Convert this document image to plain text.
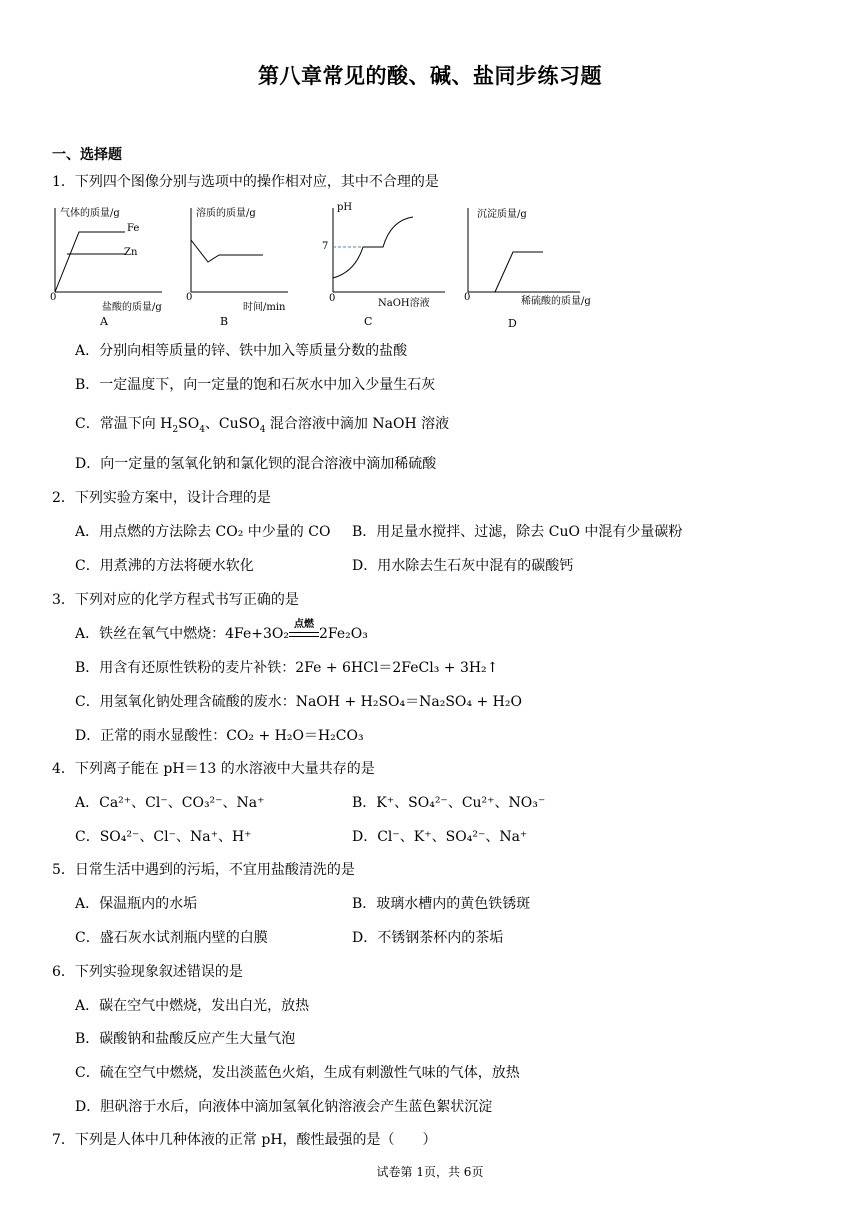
第八章常见的酸、碱、盐同步练习题
一、选择题
1．下列四个图像分别与选项中的操作相对应，其中不合理的是
气体的质量/g
Fe
Zn
0
盐酸的质量/g
A
溶质的质量/g
0
时间/min
B
pH
7
0	NaOH溶液
C
沉淀质量/g
0	稀硫酸的质量/g
D
A．分别向相等质量的锌、铁中加入等质量分数的盐酸
B．一定温度下，向一定量的饱和石灰水中加入少量生石灰
C．常温下向 $H_2SO_4$、CuSO$_4$ 混合溶液中滴加 NaOH 溶液
D．向一定量的氢氧化钠和氯化钡的混合溶液中滴加稀硫酸
2．下列实验方案中，设计合理的是
A．用点燃的方法除去 CO₂ 中少量的 CO B．用足量水搅拌、过滤，除去 CuO 中混有少量碳粉
C．用煮沸的方法将硬水软化	D．用水除去生石灰中混有的碳酸钙
3．下列对应的化学方程式书写正确的是
A．铁丝在氧气中燃烧：4Fe+3O₂
点燃
2Fe₂O₃
B．用含有还原性铁粉的麦片补铁：2Fe + 6HCl＝2FeCl₃ + 3H₂↑
C．用氢氧化钠处理含硫酸的废水：NaOH + H₂SO₄＝Na₂SO₄ + H₂O
D．正常的雨水显酸性：CO₂ + H₂O＝H₂CO₃
4．下列离子能在 pH＝13 的水溶液中大量共存的是
A．Ca²⁺、Cl⁻、CO₃²⁻、Na⁺	B．K⁺、SO₄²⁻、Cu²⁺、NO₃⁻
C．SO₄²⁻、Cl⁻、Na⁺、H⁺	D．Cl⁻、K⁺、SO₄²⁻、Na⁺
5．日常生活中遇到的污垢，不宜用盐酸清洗的是
A．保温瓶内的水垢	B．玻璃水槽内的黄色铁锈斑
C．盛石灰水试剂瓶内壁的白膜	D．不锈钢茶杯内的茶垢
6．下列实验现象叙述错误的是
A．碳在空气中燃烧，发出白光，放热
B．碳酸钠和盐酸反应产生大量气泡
C．硫在空气中燃烧，发出淡蓝色火焰，生成有刺激性气味的气体，放热
D．胆矾溶于水后，向液体中滴加氢氧化钠溶液会产生蓝色絮状沉淀
7．下列是人体中几种体液的正常 pH，酸性最强的是（　　）
试卷第 1页，共 6页
